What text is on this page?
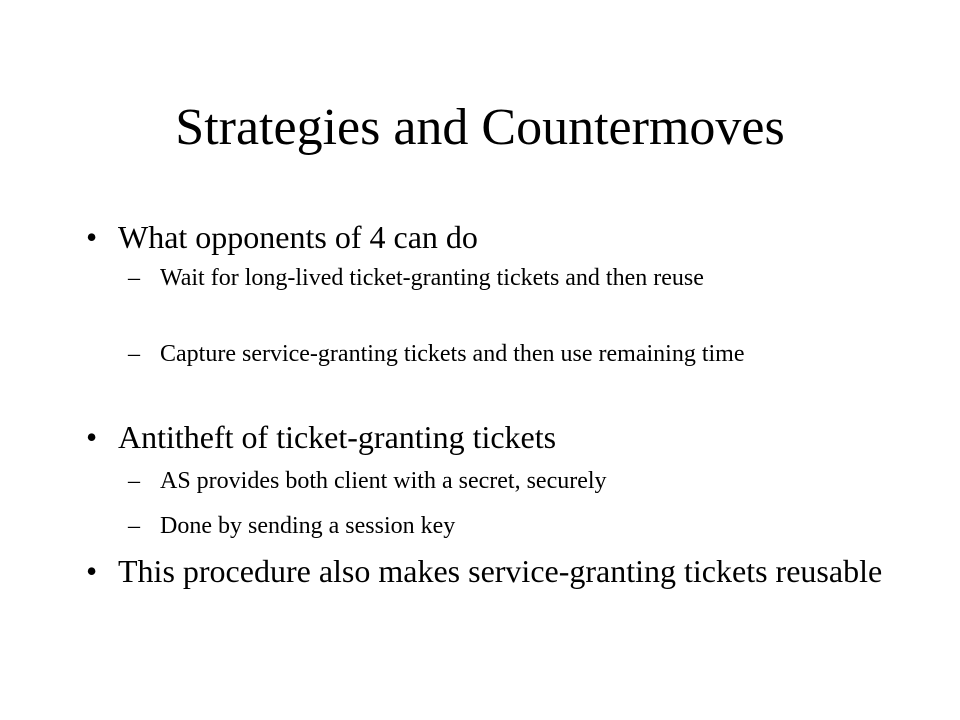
Strategies and Countermoves
• What opponents of 4 can do
– Wait for long-lived ticket-granting tickets and then reuse
– Capture service-granting tickets and then use remaining time
• Antitheft of ticket-granting tickets
– AS provides both client with a secret, securely
– Done by sending a session key
• This procedure also makes service-granting tickets reusable
